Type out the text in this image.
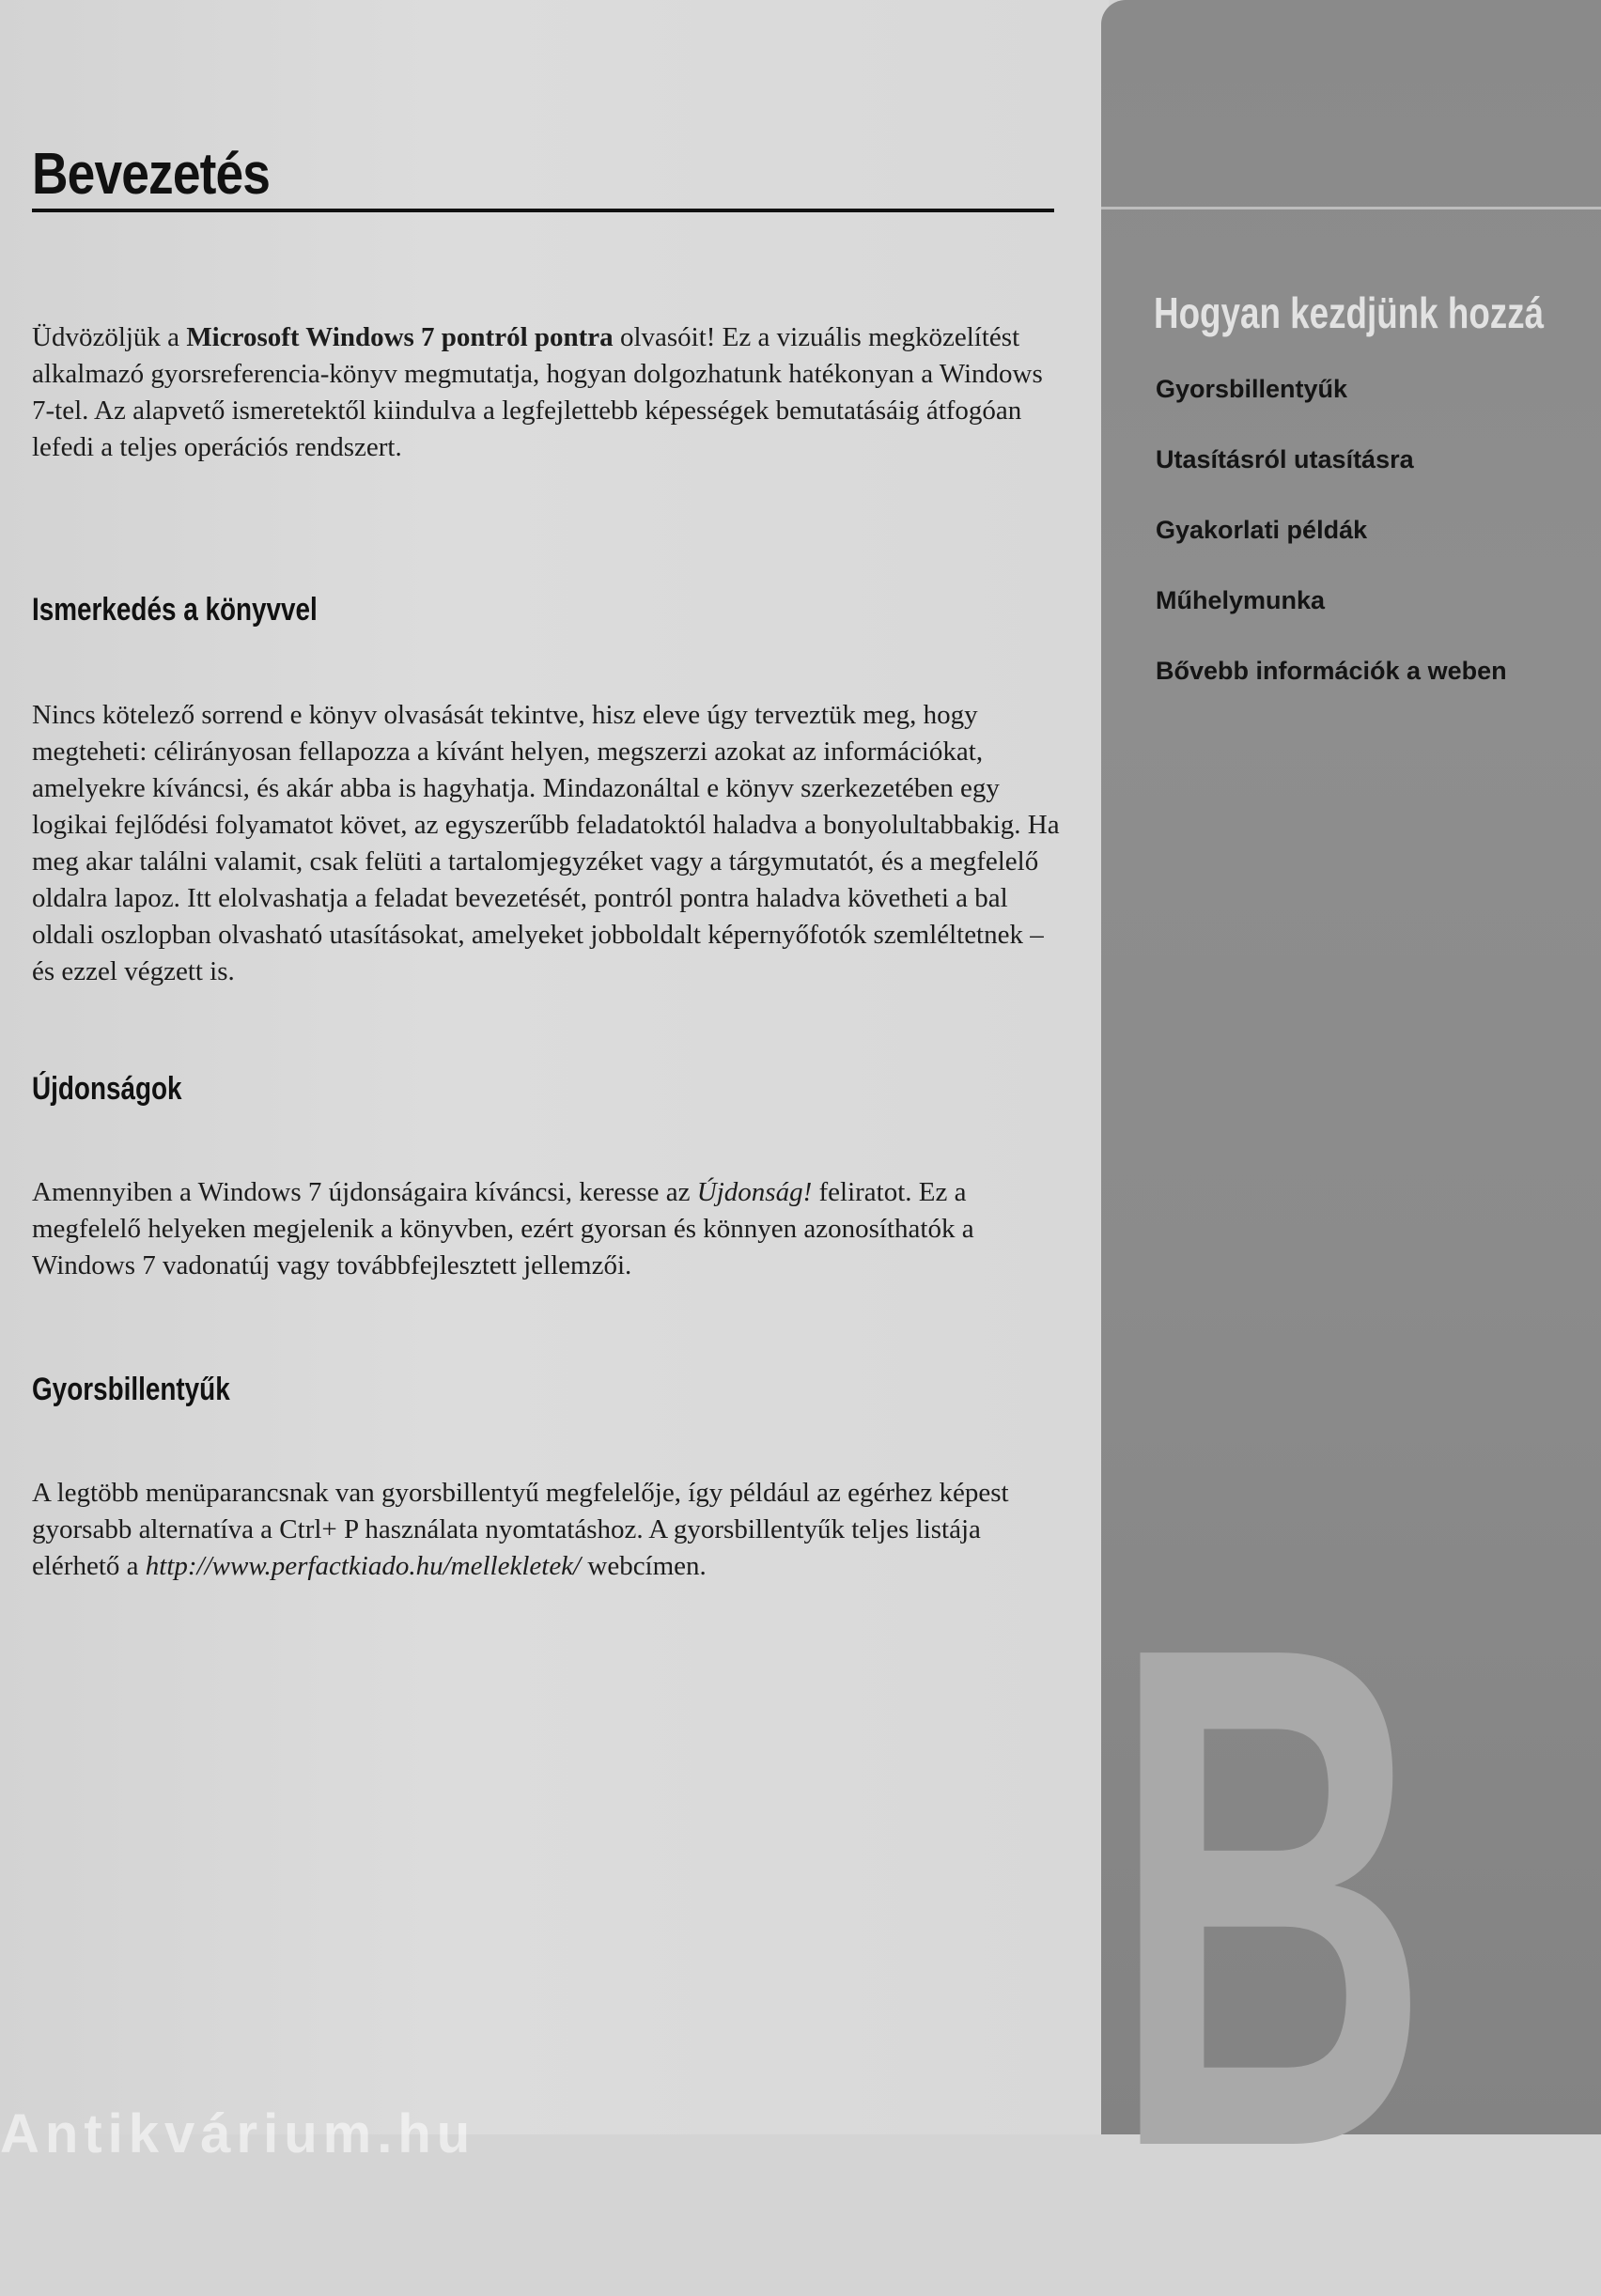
Bevezetés

Üdvözöljük a Microsoft Windows 7 pontról pontra olvasóit! Ez a vizuális megközelítést alkalmazó gyorsreferencia-könyv megmutatja, hogyan dolgozhatunk hatékonyan a Windows 7-tel. Az alapvető ismeretektől kiindulva a legfejlettebb képességek bemutatásáig átfogóan lefedi a teljes operációs rendszert.

Ismerkedés a könyvvel

Nincs kötelező sorrend e könyv olvasását tekintve, hisz eleve úgy terveztük meg, hogy megteheti: célirányosan fellapozza a kívánt helyen, megszerzi azokat az információkat, amelyekre kíváncsi, és akár abba is hagyhatja. Mindazonáltal e könyv szerkezetében egy logikai fejlődési folyamatot követ, az egyszerűbb feladatoktól haladva a bonyolultabbakig. Ha meg akar találni valamit, csak felüti a tartalomjegyzéket vagy a tárgymutatót, és a megfelelő oldalra lapoz. Itt elolvashatja a feladat bevezetését, pontról pontra haladva követheti a bal oldali oszlopban olvasható utasításokat, amelyeket jobboldalt képernyőfotók szemléltetnek – és ezzel végzett is.

Újdonságok

Amennyiben a Windows 7 újdonságaira kíváncsi, keresse az Újdonság! feliratot. Ez a megfelelő helyeken megjelenik a könyvben, ezért gyorsan és könnyen azonosíthatók a Windows 7 vadonatúj vagy továbbfejlesztett jellemzői.

Gyorsbillentyűk

A legtöbb menüparancsnak van gyorsbillentyű megfelelője, így például az egérhez képest gyorsabb alternatíva a Ctrl+ P használata nyomtatáshoz. A gyorsbillentyűk teljes listája elérhető a http://www.perfactkiado.hu/mellekletek/ webcímen.

Hogyan kezdjünk hozzá
Gyorsbillentyűk
Utasításról utasításra
Gyakorlati példák
Műhelymunka
Bővebb információk a weben
B
Antikvárium.hu
